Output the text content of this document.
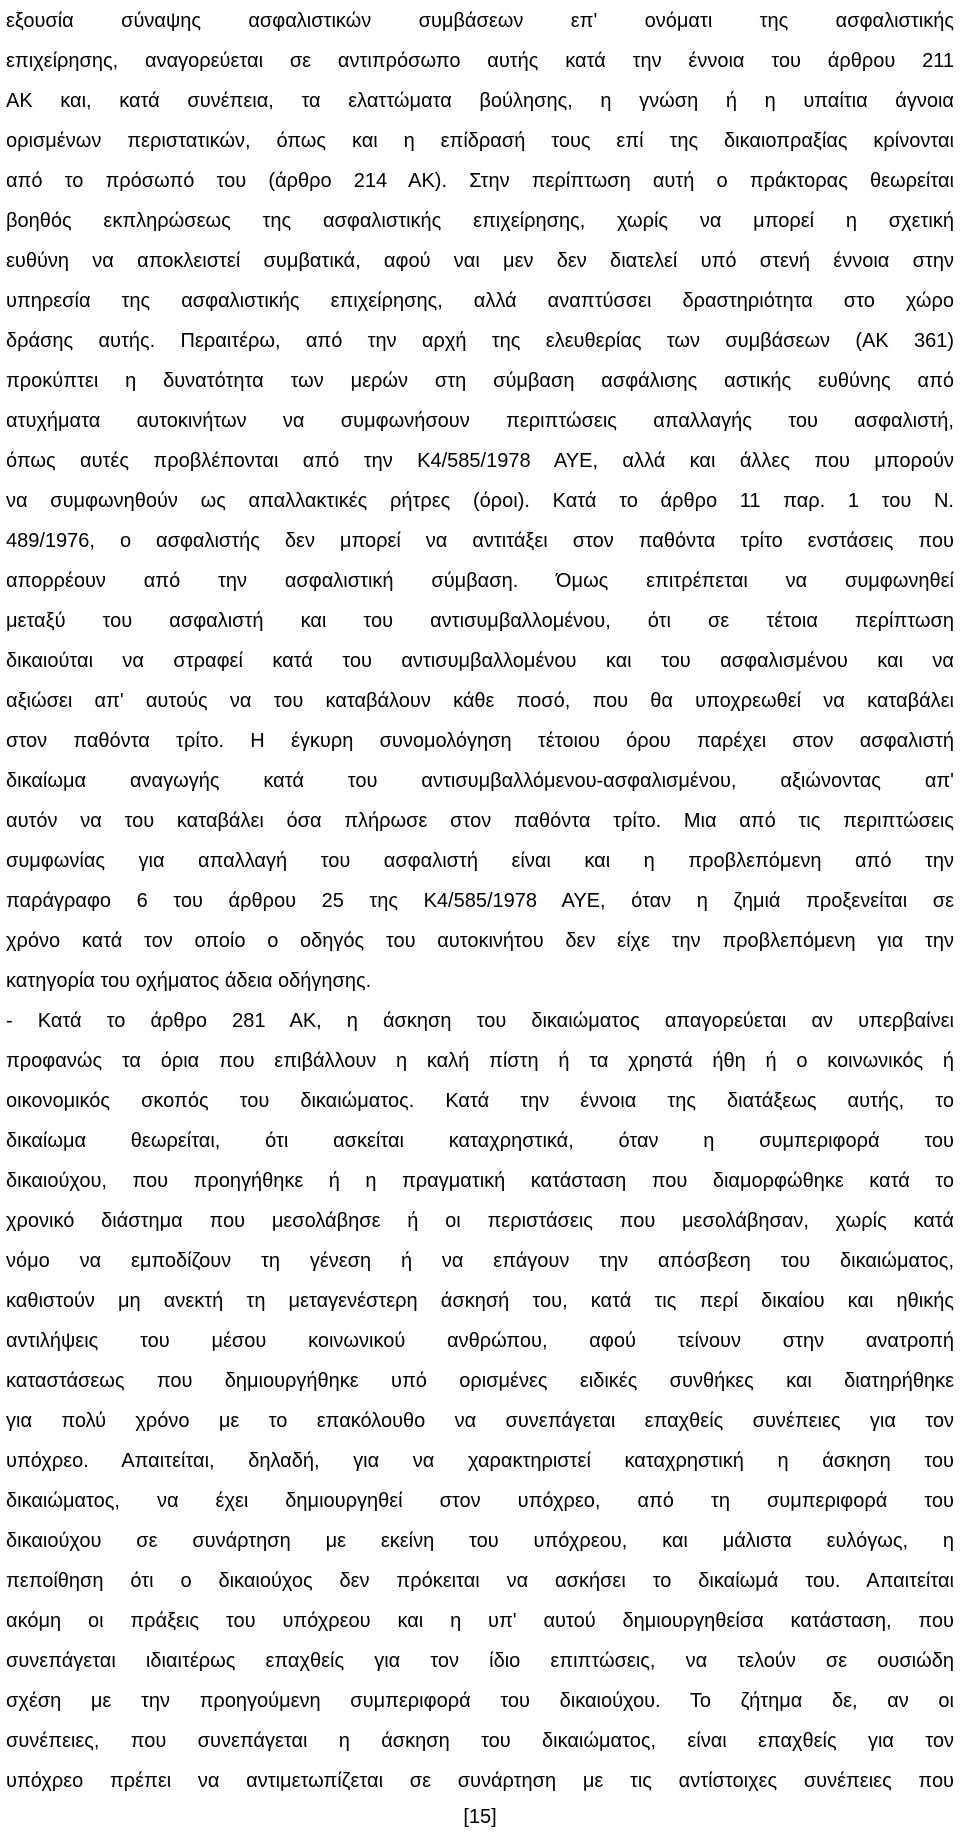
εξουσία σύναψης ασφαλιστικών συμβάσεων επ' ονόματι της ασφαλιστικής
επιχείρησης, αναγορεύεται σε αντιπρόσωπο αυτής κατά την έννοια του άρθρου 211
ΑΚ και, κατά συνέπεια, τα ελαττώματα βούλησης, η γνώση ή η υπαίτια άγνοια
ορισμένων περιστατικών, όπως και η επίδρασή τους επί της δικαιοπραξίας κρίνονται
από το πρόσωπό του (άρθρο 214 ΑΚ). Στην περίπτωση αυτή ο πράκτορας θεωρείται
βοηθός εκπληρώσεως της ασφαλιστικής επιχείρησης, χωρίς να μπορεί η σχετική
ευθύνη να αποκλειστεί συμβατικά, αφού ναι μεν δεν διατελεί υπό στενή έννοια στην
υπηρεσία της ασφαλιστικής επιχείρησης, αλλά αναπτύσσει δραστηριότητα στο χώρο
δράσης αυτής. Περαιτέρω, από την αρχή της ελευθερίας των συμβάσεων (ΑΚ 361)
προκύπτει η δυνατότητα των μερών στη σύμβαση ασφάλισης αστικής ευθύνης από
ατυχήματα αυτοκινήτων να συμφωνήσουν περιπτώσεις απαλλαγής του ασφαλιστή,
όπως αυτές προβλέπονται από την Κ4/585/1978 ΑΥΕ, αλλά και άλλες που μπορούν
να συμφωνηθούν ως απαλλακτικές ρήτρες (όροι). Κατά το άρθρο 11 παρ. 1 του Ν.
489/1976, ο ασφαλιστής δεν μπορεί να αντιτάξει στον παθόντα τρίτο ενστάσεις που
απορρέουν από την ασφαλιστική σύμβαση. Όμως επιτρέπεται να συμφωνηθεί
μεταξύ του ασφαλιστή και του αντισυμβαλλομένου, ότι σε τέτοια περίπτωση
δικαιούται να στραφεί κατά του αντισυμβαλλομένου και του ασφαλισμένου και να
αξιώσει απ' αυτούς να του καταβάλουν κάθε ποσό, που θα υποχρεωθεί να καταβάλει
στον παθόντα τρίτο. Η έγκυρη συνομολόγηση τέτοιου όρου παρέχει στον ασφαλιστή
δικαίωμα αναγωγής κατά του αντισυμβαλλόμενου-ασφαλισμένου, αξιώνοντας απ'
αυτόν να του καταβάλει όσα πλήρωσε στον παθόντα τρίτο. Μια από τις περιπτώσεις
συμφωνίας για απαλλαγή του ασφαλιστή είναι και η προβλεπόμενη από την
παράγραφο 6 του άρθρου 25 της Κ4/585/1978 ΑΥΕ, όταν η ζημιά προξενείται σε
χρόνο κατά τον οποίο ο οδηγός του αυτοκινήτου δεν είχε την προβλεπόμενη για την
κατηγορία του οχήματος άδεια οδήγησης.
- Κατά το άρθρο 281 ΑΚ, η άσκηση του δικαιώματος απαγορεύεται αν υπερβαίνει
προφανώς τα όρια που επιβάλλουν η καλή πίστη ή τα χρηστά ήθη ή ο κοινωνικός ή
οικονομικός σκοπός του δικαιώματος. Κατά την έννοια της διατάξεως αυτής, το
δικαίωμα θεωρείται, ότι ασκείται καταχρηστικά, όταν η συμπεριφορά του
δικαιούχου, που προηγήθηκε ή η πραγματική κατάσταση που διαμορφώθηκε κατά το
χρονικό διάστημα που μεσολάβησε ή οι περιστάσεις που μεσολάβησαν, χωρίς κατά
νόμο να εμποδίζουν τη γένεση ή να επάγουν την απόσβεση του δικαιώματος,
καθιστούν μη ανεκτή τη μεταγενέστερη άσκησή του, κατά τις περί δικαίου και ηθικής
αντιλήψεις του μέσου κοινωνικού ανθρώπου, αφού τείνουν στην ανατροπή
καταστάσεως που δημιουργήθηκε υπό ορισμένες ειδικές συνθήκες και διατηρήθηκε
για πολύ χρόνο με το επακόλουθο να συνεπάγεται επαχθείς συνέπειες για τον
υπόχρεο. Απαιτείται, δηλαδή, για να χαρακτηριστεί καταχρηστική η άσκηση του
δικαιώματος, να έχει δημιουργηθεί στον υπόχρεο, από τη συμπεριφορά του
δικαιούχου σε συνάρτηση με εκείνη του υπόχρεου, και μάλιστα ευλόγως, η
πεποίθηση ότι ο δικαιούχος δεν πρόκειται να ασκήσει το δικαίωμά του. Απαιτείται
ακόμη οι πράξεις του υπόχρεου και η υπ' αυτού δημιουργηθείσα κατάσταση, που
συνεπάγεται ιδιαιτέρως επαχθείς για τον ίδιο επιπτώσεις, να τελούν σε ουσιώδη
σχέση με την προηγούμενη συμπεριφορά του δικαιούχου. Το ζήτημα δε, αν οι
συνέπειες, που συνεπάγεται η άσκηση του δικαιώματος, είναι επαχθείς για τον
υπόχρεο πρέπει να αντιμετωπίζεται σε συνάρτηση με τις αντίστοιχες συνέπειες που
[15]
